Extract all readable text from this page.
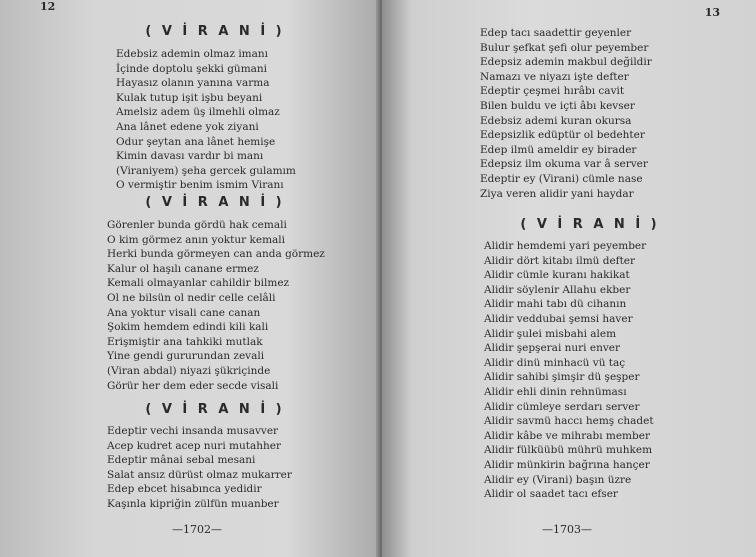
12
( V İ R A N İ )
Edebsiz ademin olmaz imanı
İçinde doptolu şekki gümani
Hayasız olanın yanına varma
Kulak tutup işit işbu beyani
Amelsiz adem üş ilmehli olmaz
Ana lânet edene yok ziyani
Odur şeytan ana lânet hemişe
Kimin davası vardır bi manı
(Viraniyem) şeha gercek gulamım
O vermiştir benim ismim Viranı
( V İ R A N İ )
Görenler bunda gördü hak cemali
O kim görmez anın yoktur kemali
Herki bunda görmeyen can anda görmez
Kalur ol haşılı canane ermez
Kemali olmayanlar cahildir bilmez
Ol ne bilsün ol nedir celle celâli
Ana yoktur visali cane canan
Şokim hemdem edindi kili kali
Erişmiştir ana tahkiki mutlak
Yine gendi gururundan zevali
(Viran abdal) niyazi şükriçinde
Görür her dem eder secde visali
( V İ R A N İ )
Edeptir vechi insanda musavver
Acep kudret acep nuri mutahher
Edeptir mânai sebal mesani
Salat ansız dürüst olmaz mukarrer
Edep ebcet hisabınca yedidir
Kaşınla kipriğin zülfün muanber
—1702—
13
Edep tacı saadettir geyenler
Bulur şefkat şefi olur peyember
Edepsiz ademin makbul değildir
Namazı ve niyazı işte defter
Edeptir çeşmei hırâbı cavit
Bilen buldu ve içti âbı kevser
Edebsiz ademi kuran okursa
Edepsizlik edüptür ol bedehter
Edep ilmü ameldir ey birader
Edepsiz ilm okuma var â server
Edeptir ey (Virani) cümle nase
Ziya veren alidir yani haydar
( V İ R A N İ )
Alidir hemdemi yari peyember
Alidir dört kitabı ilmü defter
Alidir cümle kuranı hakikat
Alidir söylenir Allahu ekber
Alidir mahi tabı dü cihanın
Alidir veddubai şemsi haver
Alidir şulei misbahi alem
Alidir şepşerai nuri enver
Alidir dinü minhacü vü taç
Alidir sahibi şimşir dü şeşper
Alidir ehli dinin rehnüması
Alidir cümleye serdarı server
Alidir savmü haccı hemş chadet
Alidir kâbe ve mihrabı member
Alidir fülküübü mührü muhkem
Alidir münkirin bağrına hançer
Alidir ey (Virani) başın üzre
Alidir ol saadet tacı efser
—1703—
